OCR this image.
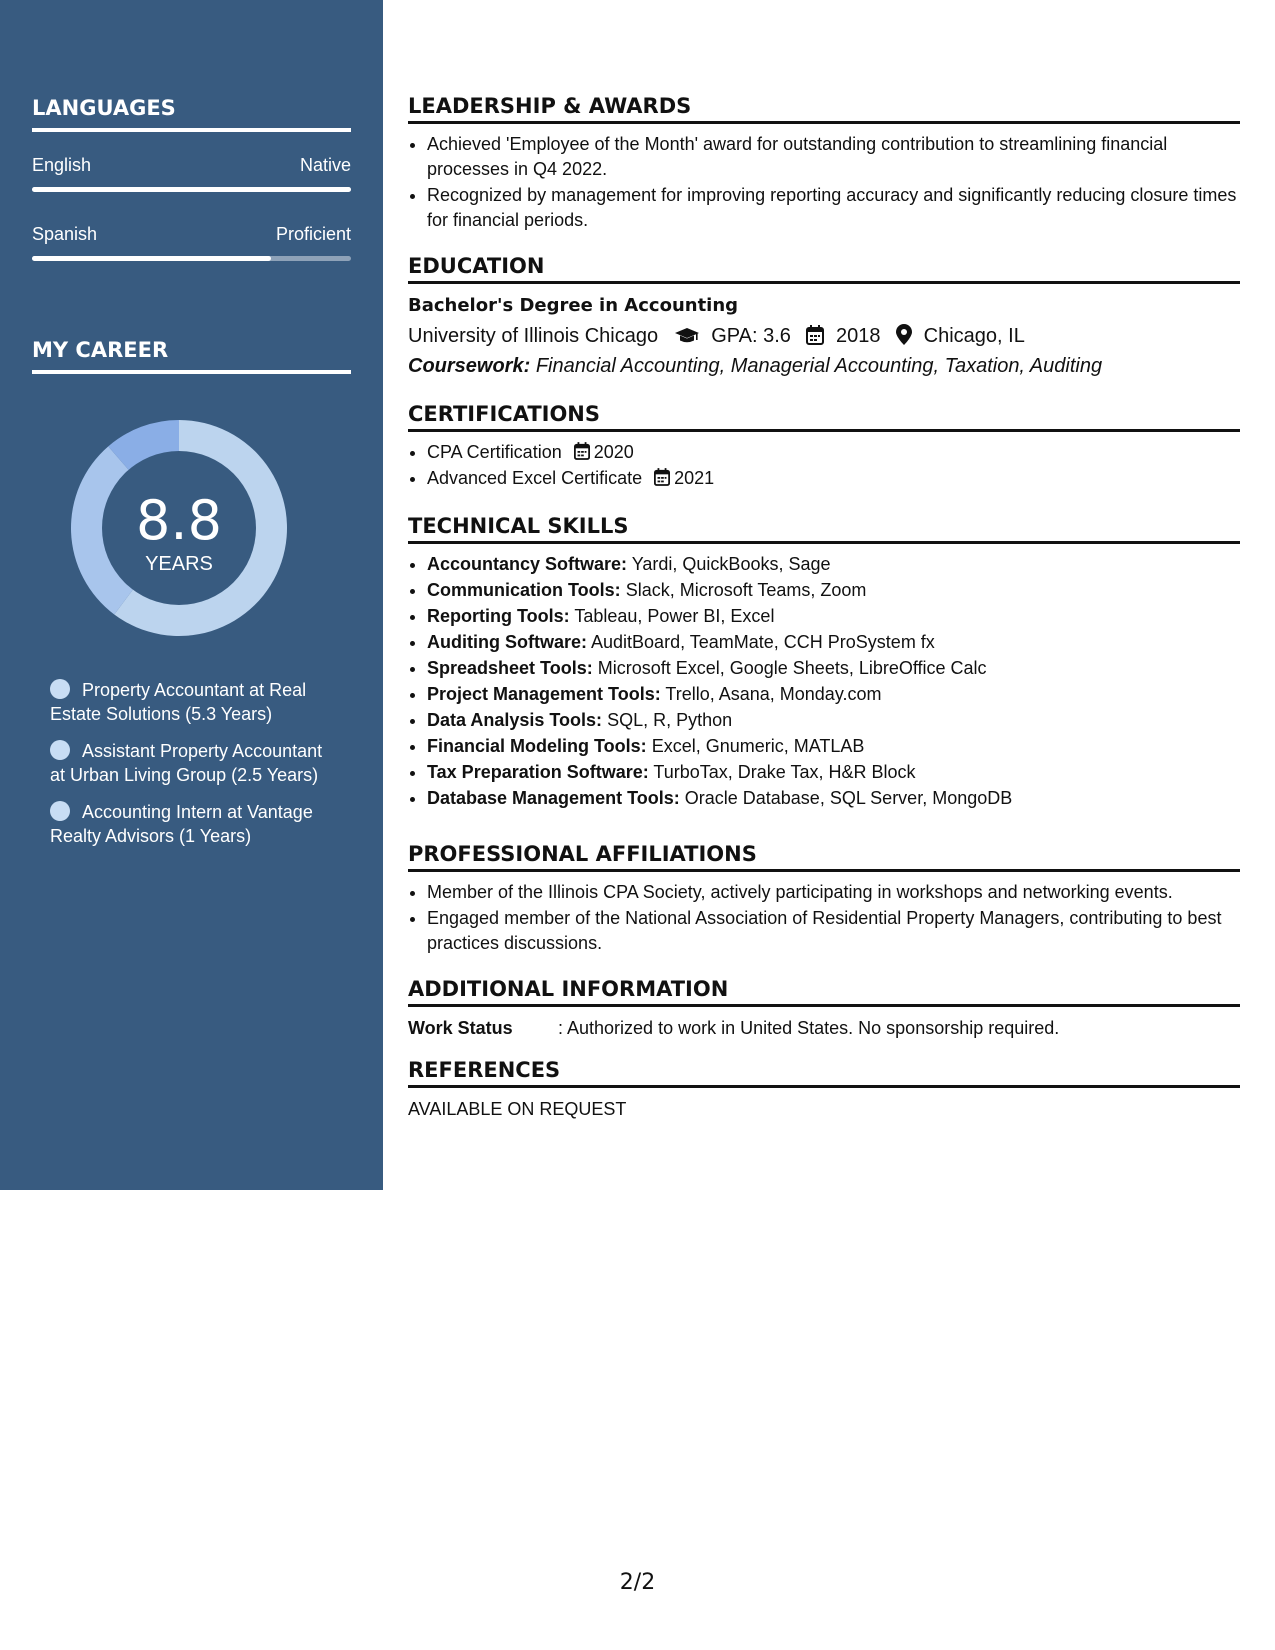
LANGUAGES
English	Native
Spanish	Proficient
MY CAREER
8.8
YEARS
Property Accountant at Real Estate Solutions (5.3 Years)
Assistant Property Accountant at Urban Living Group (2.5 Years)
Accounting Intern at Vantage Realty Advisors (1 Years)
LEADERSHIP & AWARDS
• Achieved 'Employee of the Month' award for outstanding contribution to streamlining financial processes in Q4 2022.
• Recognized by management for improving reporting accuracy and significantly reducing closure times for financial periods.
EDUCATION

Bachelor's Degree in Accounting

University of Illinois Chicago	GPA: 3.6 2018 Chicago, IL
Coursework: Financial Accounting, Managerial Accounting, Taxation, Auditing
CERTIFICATIONS
• CPA Certification 2020
• Advanced Excel Certificate 2021
TECHNICAL SKILLS
• Accountancy Software: Yardi, QuickBooks, Sage
• Communication Tools: Slack, Microsoft Teams, Zoom
• Reporting Tools: Tableau, Power BI, Excel
• Auditing Software: AuditBoard, TeamMate, CCH ProSystem fx
• Spreadsheet Tools: Microsoft Excel, Google Sheets, LibreOffice Calc
• Project Management Tools: Trello, Asana, Monday.com
• Data Analysis Tools: SQL, R, Python
• Financial Modeling Tools: Excel, Gnumeric, MATLAB
• Tax Preparation Software: TurboTax, Drake Tax, H&R Block
• Database Management Tools: Oracle Database, SQL Server, MongoDB
PROFESSIONAL AFFILIATIONS
• Member of the Illinois CPA Society, actively participating in workshops and networking events.
• Engaged member of the National Association of Residential Property Managers, contributing to best practices discussions.
ADDITIONAL INFORMATION
Work Status	: Authorized to work in United States. No sponsorship required.
REFERENCES
AVAILABLE ON REQUEST
2/2
